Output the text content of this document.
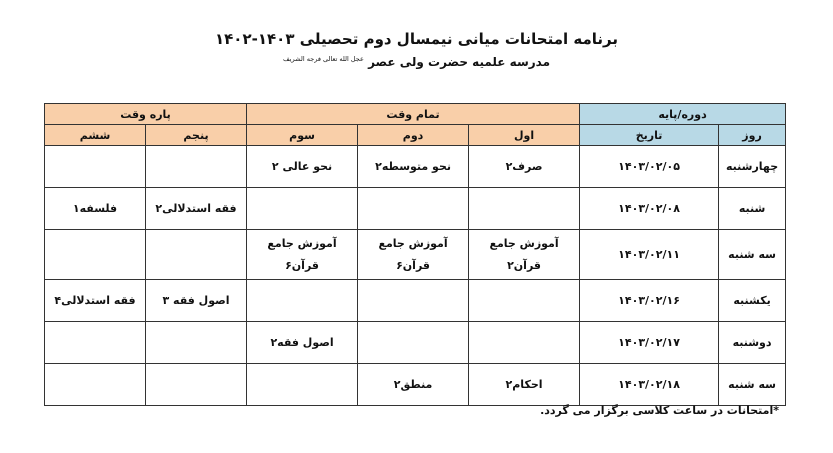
برنامه امتحانات میانی نیمسال دوم تحصیلی ۱۴۰۳-۱۴۰۲
مدرسه علمیه حضرت ولی عصر $^{عجل الله تعالی فرجه الشریف}$
دوره/پایه		تمام وقت			پاره وقت	
روز	تاریخ	اول	دوم	سوم	پنجم	ششم
چهارشنبه	۱۴۰۳/۰۲/۰۵	صرف۲	نحو متوسطه۲	نحو عالی ۲		
شنبه	۱۴۰۳/۰۲/۰۸				فقه استدلالی۲	فلسفه۱
سه شنبه	۱۴۰۳/۰۲/۱۱	آموزش جامع قرآن۲	آموزش جامع قرآن۶	آموزش جامع قرآن۶		
یکشنبه	۱۴۰۳/۰۲/۱۶				اصول فقه ۳	فقه استدلالی۴
دوشنبه	۱۴۰۳/۰۲/۱۷			اصول فقه۲		
سه شنبه	۱۴۰۳/۰۲/۱۸	احکام۲	منطق۲			
*امتحانات در ساعت کلاسی برگزار می گردد.
